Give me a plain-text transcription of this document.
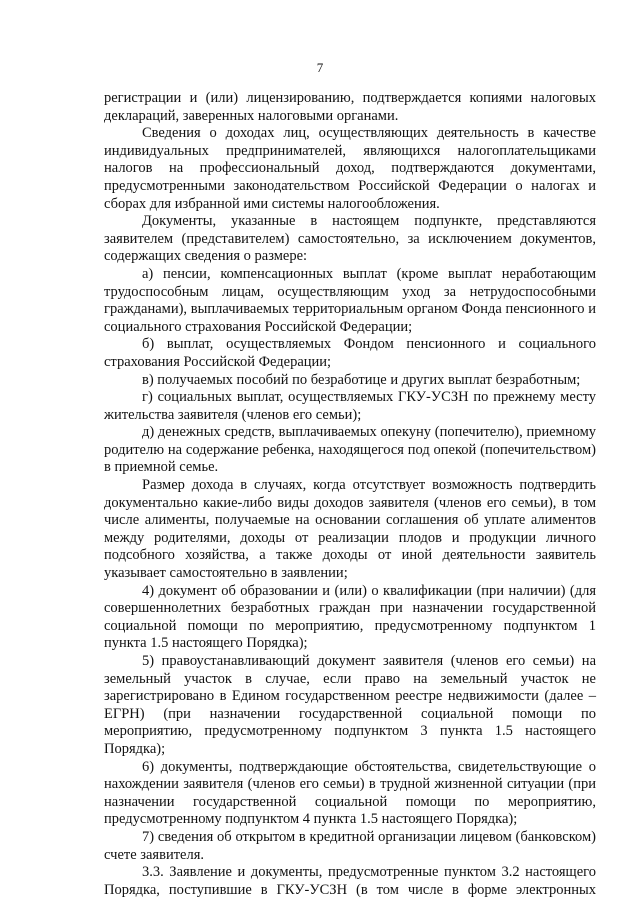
7

регистрации и (или) лицензированию, подтверждается копиями налоговых деклараций, заверенных налоговыми органами.

Сведения о доходах лиц, осуществляющих деятельность в качестве индивидуальных предпринимателей, являющихся налогоплательщиками налогов на профессиональный доход, подтверждаются документами, предусмотренными законодательством Российской Федерации о налогах и сборах для избранной ими системы налогообложения.

Документы, указанные в настоящем подпункте, представляются заявителем (представителем) самостоятельно, за исключением документов, содержащих сведения о размере:

а) пенсии, компенсационных выплат (кроме выплат неработающим трудоспособным лицам, осуществляющим уход за нетрудоспособными гражданами), выплачиваемых территориальным органом Фонда пенсионного и социального страхования Российской Федерации;

б) выплат, осуществляемых Фондом пенсионного и социального страхования Российской Федерации;

в) получаемых пособий по безработице и других выплат безработным;

г) социальных выплат, осуществляемых ГКУ-УСЗН по прежнему месту жительства заявителя (членов его семьи);

д) денежных средств, выплачиваемых опекуну (попечителю), приемному родителю на содержание ребенка, находящегося под опекой (попечительством) в приемной семье.

Размер дохода в случаях, когда отсутствует возможность подтвердить документально какие-либо виды доходов заявителя (членов его семьи), в том числе алименты, получаемые на основании соглашения об уплате алиментов между родителями, доходы от реализации плодов и продукции личного подсобного хозяйства, а также доходы от иной деятельности заявитель указывает самостоятельно в заявлении;

4) документ об образовании и (или) о квалификации (при наличии) (для совершеннолетних безработных граждан при назначении государственной социальной помощи по мероприятию, предусмотренному подпунктом 1 пункта 1.5 настоящего Порядка);

5) правоустанавливающий документ заявителя (членов его семьи) на земельный участок в случае, если право на земельный участок не зарегистрировано в Едином государственном реестре недвижимости (далее – ЕГРН) (при назначении государственной социальной помощи по мероприятию, предусмотренному подпунктом 3 пункта 1.5 настоящего Порядка);

6) документы, подтверждающие обстоятельства, свидетельствующие о нахождении заявителя (членов его семьи) в трудной жизненной ситуации (при назначении государственной социальной помощи по мероприятию, предусмотренному подпунктом 4 пункта 1.5 настоящего Порядка);

7) сведения об открытом в кредитной организации лицевом (банковском) счете заявителя.

3.3. Заявление и документы, предусмотренные пунктом 3.2 настоящего Порядка, поступившие в ГКУ-УСЗН (в том числе в форме электронных
